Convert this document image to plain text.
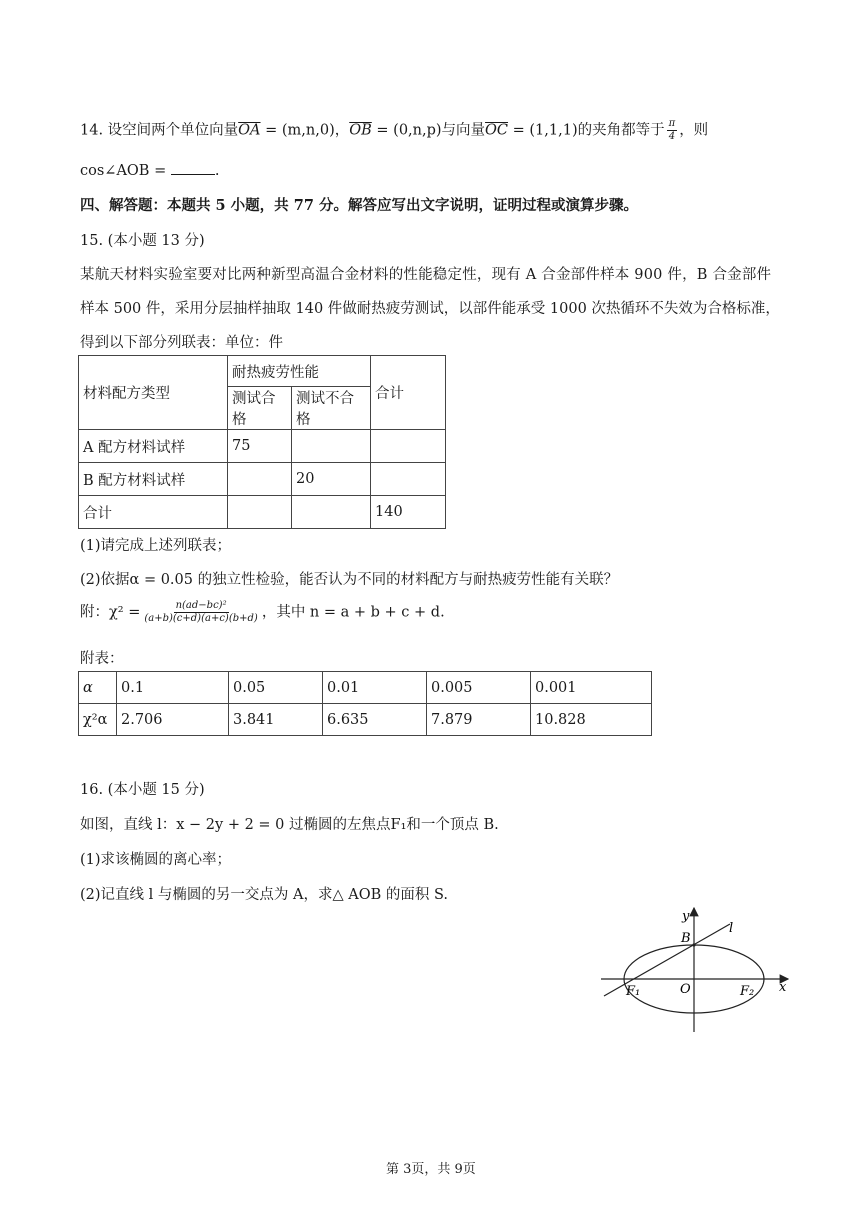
14. 设空间两个单位向量$\overline{OA} = (m,n,0)$，$\overline{OB} = (0,n,p)$与向量$\overline{OC} = (1,1,1)$的夹角都等于 $\frac{\pi}{4}$ ，则
cos∠AOB =	.
四、解答题：本题共 5 小题，共 77 分。解答应写出文字说明，证明过程或演算步骤。
15. (本小题 13 分)
某航天材料实验室要对比两种新型高温合金材料的性能稳定性，现有 A 合金部件样本 900 件，B 合金部件
样本 500 件，采用分层抽样抽取 140 件做耐热疲劳测试，以部件能承受 1000 次热循环不失效为合格标准，
得到以下部分列联表：单位：件
材料配方类型	耐热疲劳性能		合计
	测试合格	测试不合格	
A 配方材料试样	75		
B 配方材料试样		20	
合计			140
(1)请完成上述列联表；
(2)依据α = 0.05 的独立性检验，能否认为不同的材料配方与耐热疲劳性能有关联？
附：$\chi^2 = \frac{\text{n(ad−bc)²}}{(a+b)(c+d)(a+c)(b+d)}$ ，其中 n = a + b + c + d.
附表：
α	0.1	0.05	0.01	0.005	0.001
χ²α	2.706	3.841	6.635	7.879	10.828
16. (本小题 15 分)
如图，直线 l：x − 2y + 2 = 0 过椭圆的左焦点F₁和一个顶点 B.
(1)求该椭圆的离心率；
(2)记直线 l 与椭圆的另一交点为 A，求△ AOB 的面积 S.
y
x
l
B
O
F₁	F₂
第 3页，共 9页
